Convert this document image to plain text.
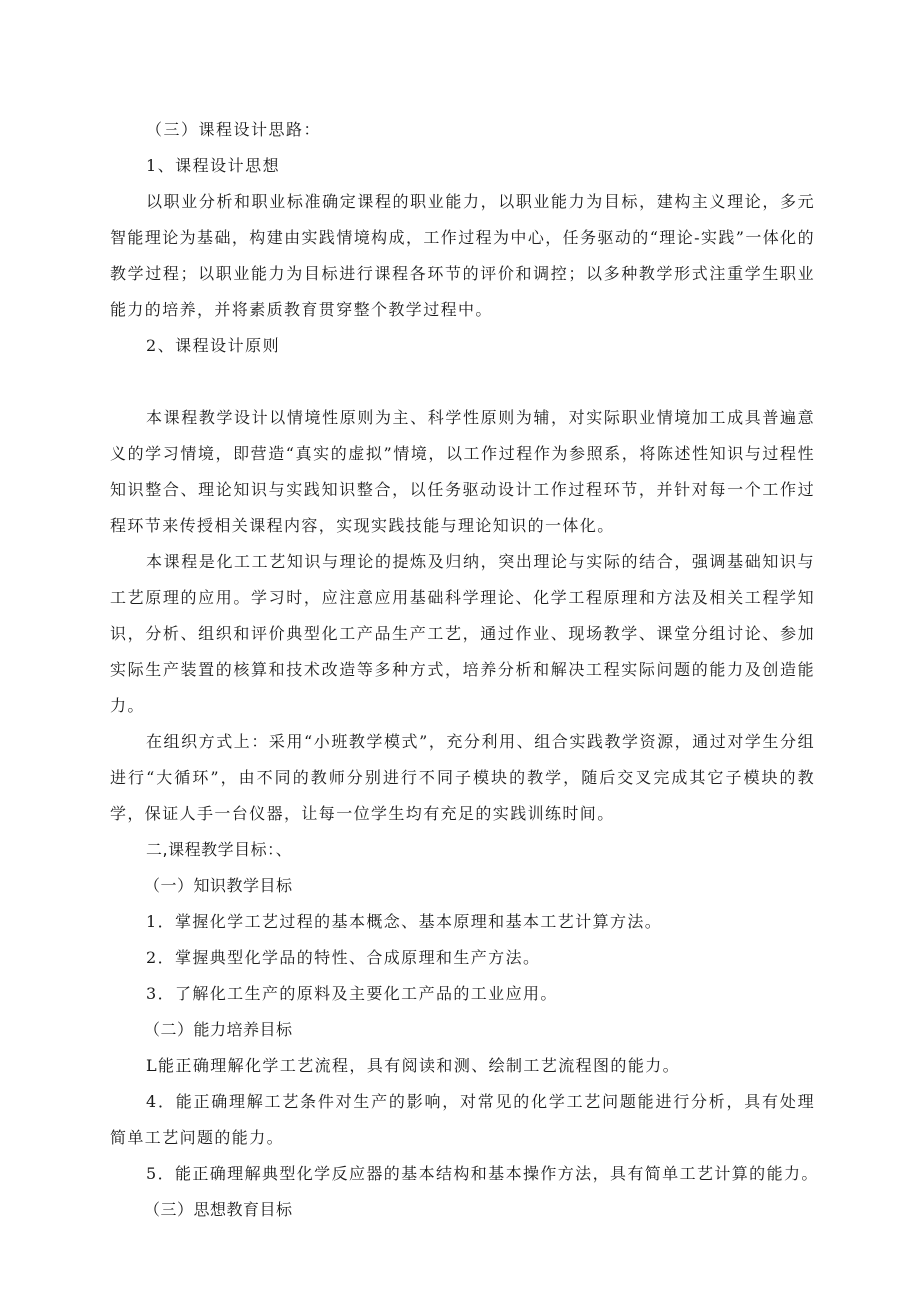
（三）课程设计思路：

1、课程设计思想

以职业分析和职业标准确定课程的职业能力，以职业能力为目标，建构主义理论，多元智能理论为基础，构建由实践情境构成，工作过程为中心，任务驱动的“理论-实践”一体化的教学过程；以职业能力为目标进行课程各环节的评价和调控；以多种教学形式注重学生职业能力的培养，并将素质教育贯穿整个教学过程中。

2、课程设计原则

本课程教学设计以情境性原则为主、科学性原则为辅，对实际职业情境加工成具普遍意义的学习情境，即营造“真实的虚拟”情境，以工作过程作为参照系，将陈述性知识与过程性知识整合、理论知识与实践知识整合，以任务驱动设计工作过程环节，并针对每一个工作过程环节来传授相关课程内容，实现实践技能与理论知识的一体化。

本课程是化工工艺知识与理论的提炼及归纳，突出理论与实际的结合，强调基础知识与工艺原理的应用。学习时，应注意应用基础科学理论、化学工程原理和方法及相关工程学知识，分析、组织和评价典型化工产品生产工艺，通过作业、现场教学、课堂分组讨论、参加实际生产装置的核算和技术改造等多种方式，培养分析和解决工程实际问题的能力及创造能力。

在组织方式上：采用“小班教学模式”，充分利用、组合实践教学资源，通过对学生分组进行“大循环”，由不同的教师分别进行不同子模块的教学，随后交叉完成其它子模块的教学，保证人手一台仪器，让每一位学生均有充足的实践训练时间。

二,课程教学目标：、

（一）知识教学目标

1．掌握化学工艺过程的基本概念、基本原理和基本工艺计算方法。

2．掌握典型化学品的特性、合成原理和生产方法。

3．了解化工生产的原料及主要化工产品的工业应用。

（二）能力培养目标

L能正确理解化学工艺流程，具有阅读和测、绘制工艺流程图的能力。

4．能正确理解工艺条件对生产的影响，对常见的化学工艺问题能进行分析，具有处理简单工艺问题的能力。

5．能正确理解典型化学反应器的基本结构和基本操作方法，具有简单工艺计算的能力。

（三）思想教育目标
